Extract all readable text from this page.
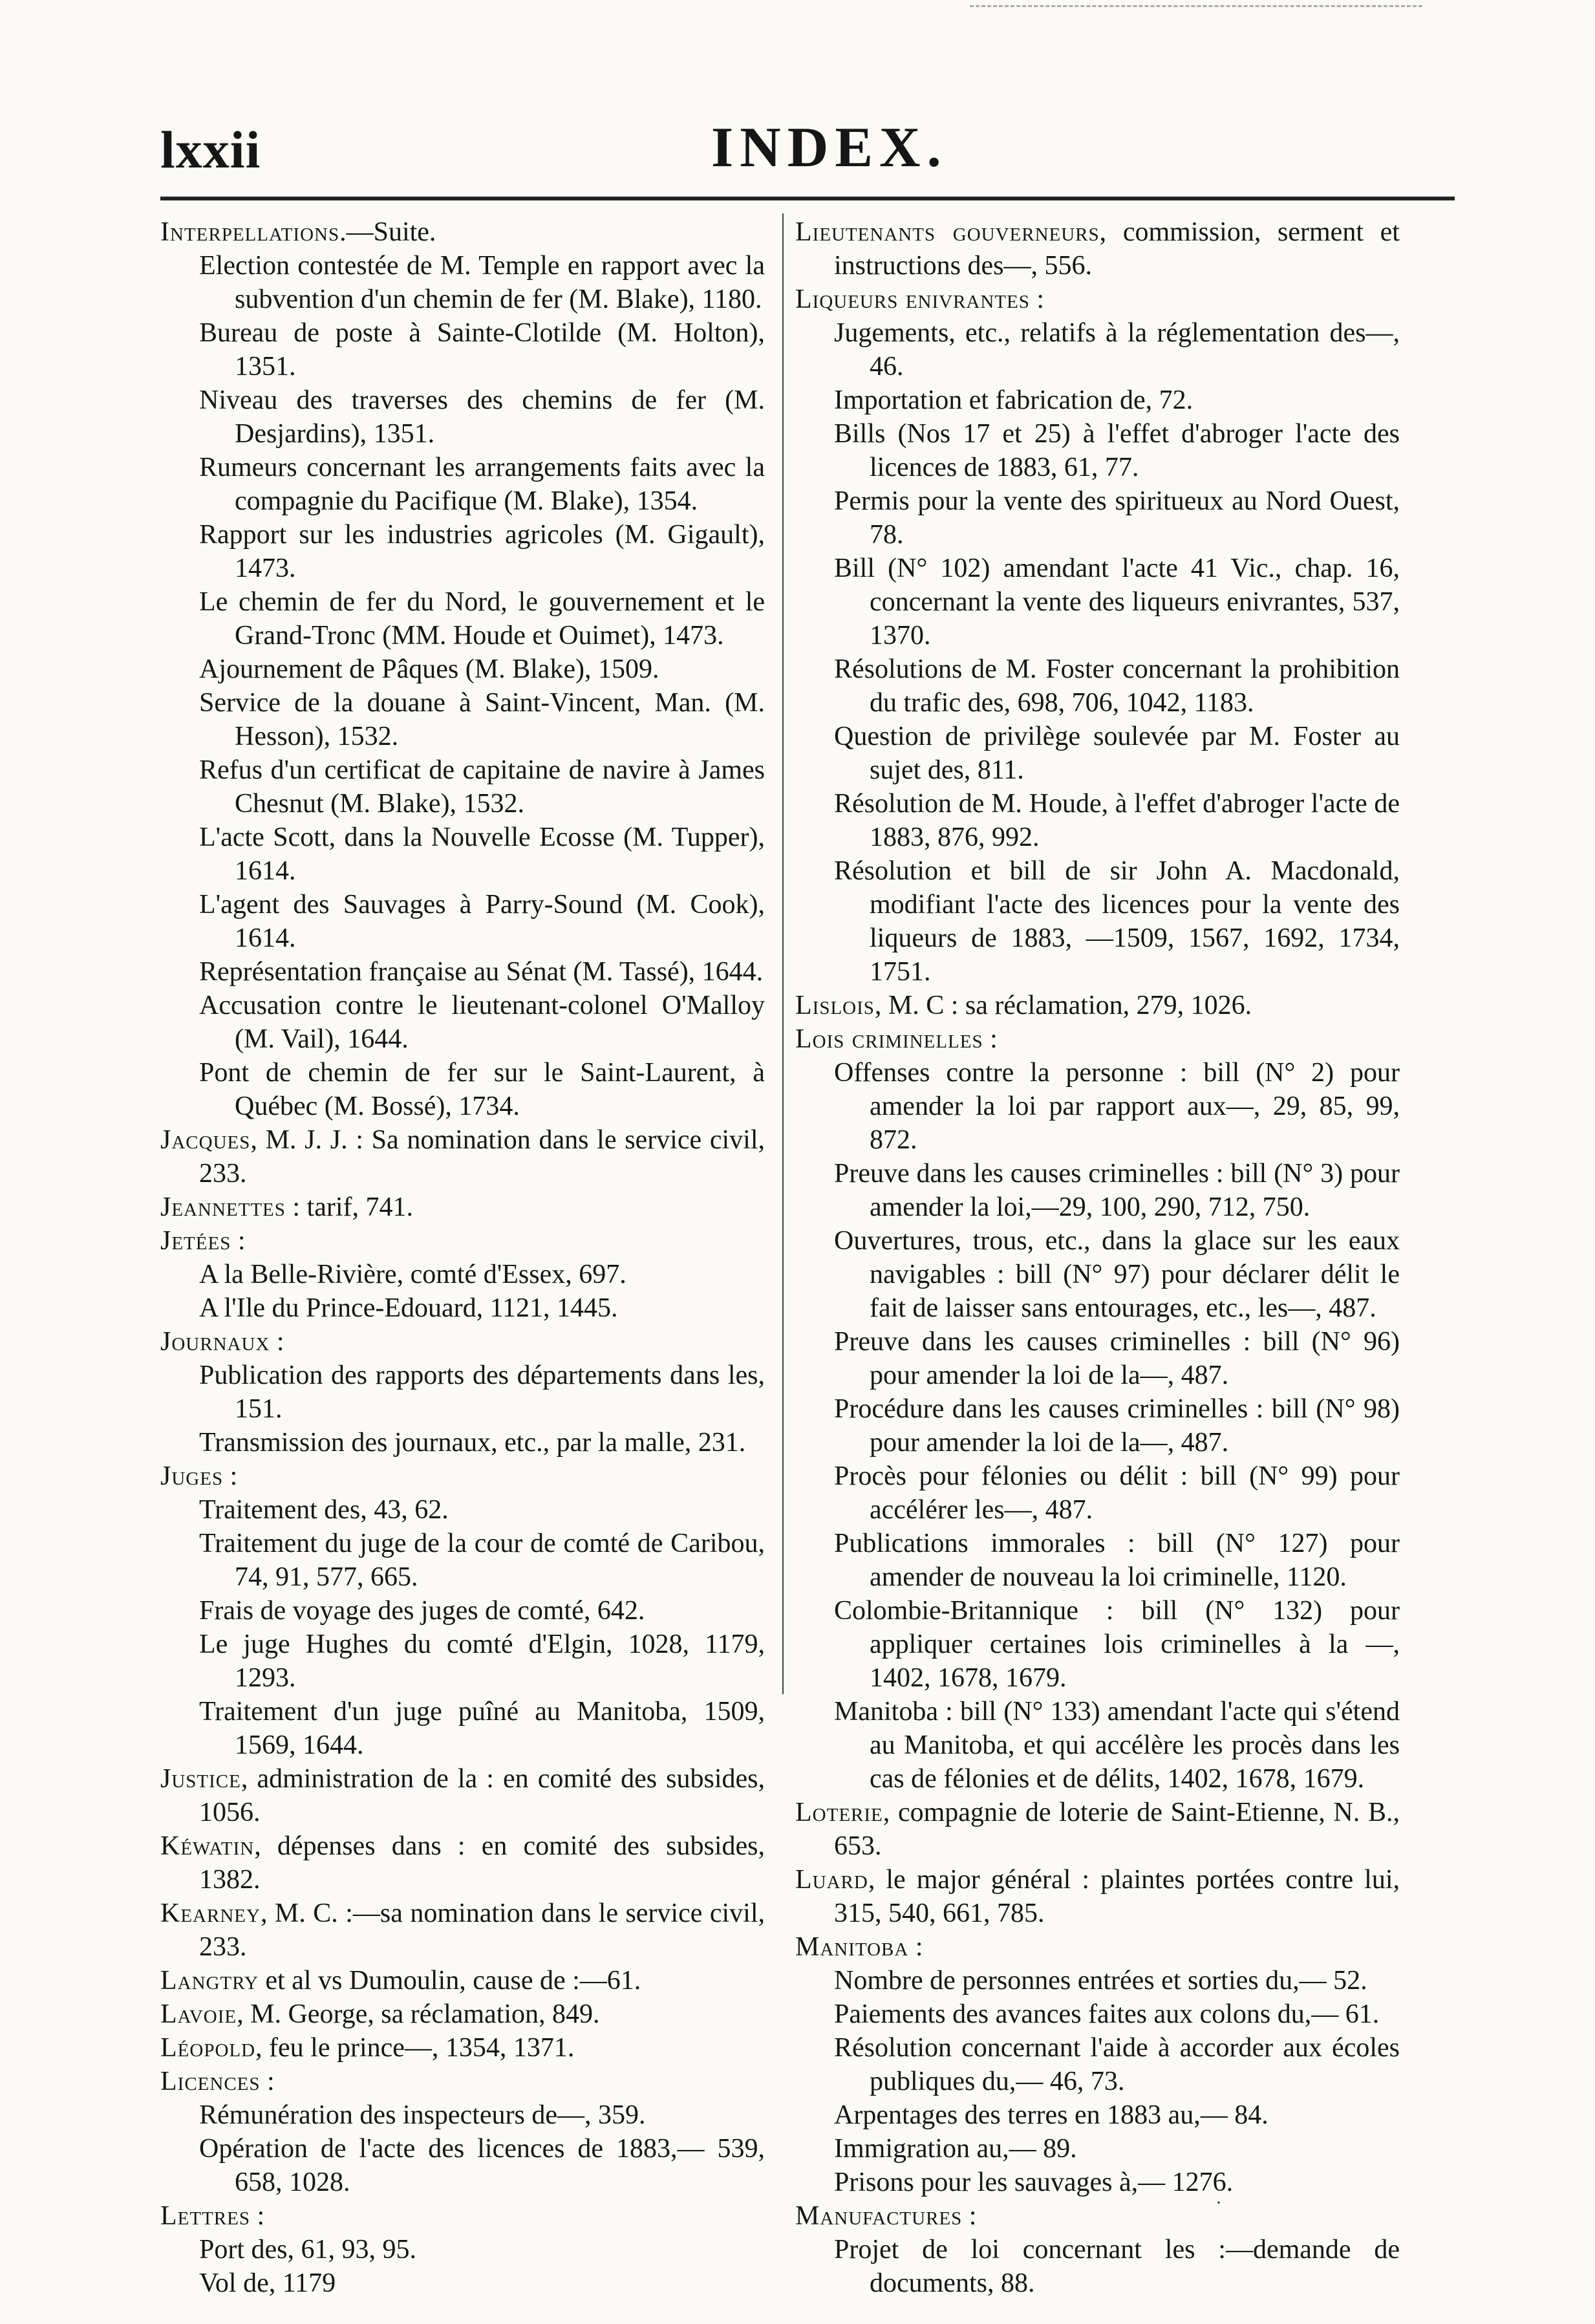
lxxii	INDEX.

Interpellations.—Suite.

Election contestée de M. Temple en rapport avec la subvention d'un chemin de fer (M. Blake), 1180.

Bureau de poste à Sainte-Clotilde (M. Holton), 1351.

Niveau des traverses des chemins de fer (M. Desjardins), 1351.

Rumeurs concernant les arrangements faits avec la compagnie du Pacifique (M. Blake), 1354.

Rapport sur les industries agricoles (M. Gigault), 1473.

Le chemin de fer du Nord, le gouvernement et le Grand-Tronc (MM. Houde et Ouimet), 1473.

Ajournement de Pâques (M. Blake), 1509.

Service de la douane à Saint-Vincent, Man. (M. Hesson), 1532.

Refus d'un certificat de capitaine de navire à James Chesnut (M. Blake), 1532.

L'acte Scott, dans la Nouvelle Ecosse (M. Tupper), 1614.

L'agent des Sauvages à Parry-Sound (M. Cook), 1614.

Représentation française au Sénat (M. Tassé), 1644.

Accusation contre le lieutenant-colonel O'Malloy (M. Vail), 1644.

Pont de chemin de fer sur le Saint-Laurent, à Québec (M. Bossé), 1734.

Jacques, M. J. J. : Sa nomination dans le service civil, 233.

Jeannettes : tarif, 741.

Jetées :

A la Belle-Rivière, comté d'Essex, 697.

A l'Ile du Prince-Edouard, 1121, 1445.

Journaux :

Publication des rapports des départements dans les, 151.

Transmission des journaux, etc., par la malle, 231.

Juges :

Traitement des, 43, 62.

Traitement du juge de la cour de comté de Caribou, 74, 91, 577, 665.

Frais de voyage des juges de comté, 642.

Le juge Hughes du comté d'Elgin, 1028, 1179, 1293.

Traitement d'un juge puîné au Manitoba, 1509, 1569, 1644.

Justice, administration de la : en comité des subsides, 1056.

Kéwatin, dépenses dans : en comité des subsides, 1382.

Kearney, M. C. :—sa nomination dans le service civil, 233.

Langtry et al vs Dumoulin, cause de :—61.

Lavoie, M. George, sa réclamation, 849.

Léopold, feu le prince—, 1354, 1371.

Licences :

Rémunération des inspecteurs de—, 359.

Opération de l'acte des licences de 1883,— 539, 658, 1028.

Lettres :

Port des, 61, 93, 95.

Vol de, 1179

Lieutenants gouverneurs, commission, serment et instructions des—, 556.

Liqueurs enivrantes :

Jugements, etc., relatifs à la réglementation des—, 46.

Importation et fabrication de, 72.

Bills (Nos 17 et 25) à l'effet d'abroger l'acte des licences de 1883, 61, 77.

Permis pour la vente des spiritueux au Nord Ouest, 78.

Bill (N° 102) amendant l'acte 41 Vic., chap. 16, concernant la vente des liqueurs enivrantes, 537, 1370.

Résolutions de M. Foster concernant la prohibition du trafic des, 698, 706, 1042, 1183.

Question de privilège soulevée par M. Foster au sujet des, 811.

Résolution de M. Houde, à l'effet d'abroger l'acte de 1883, 876, 992.

Résolution et bill de sir John A. Macdonald, modifiant l'acte des licences pour la vente des liqueurs de 1883, —1509, 1567, 1692, 1734, 1751.

Lislois, M. C : sa réclamation, 279, 1026.

Lois criminelles :

Offenses contre la personne : bill (N° 2) pour amender la loi par rapport aux—, 29, 85, 99, 872.

Preuve dans les causes criminelles : bill (N° 3) pour amender la loi,—29, 100, 290, 712, 750.

Ouvertures, trous, etc., dans la glace sur les eaux navigables : bill (N° 97) pour déclarer délit le fait de laisser sans entourages, etc., les—, 487.

Preuve dans les causes criminelles : bill (N° 96) pour amender la loi de la—, 487.

Procédure dans les causes criminelles : bill (N° 98) pour amender la loi de la—, 487.

Procès pour félonies ou délit : bill (N° 99) pour accélérer les—, 487.

Publications immorales : bill (N° 127) pour amender de nouveau la loi criminelle, 1120.

Colombie-Britannique : bill (N° 132) pour appliquer certaines lois criminelles à la —, 1402, 1678, 1679.

Manitoba : bill (N° 133) amendant l'acte qui s'étend au Manitoba, et qui accélère les procès dans les cas de félonies et de délits, 1402, 1678, 1679.

Loterie, compagnie de loterie de Saint-Etienne, N. B., 653.

Luard, le major général : plaintes portées contre lui, 315, 540, 661, 785.

Manitoba :

Nombre de personnes entrées et sorties du,— 52.

Paiements des avances faites aux colons du,— 61.

Résolution concernant l'aide à accorder aux écoles publiques du,— 46, 73.

Arpentages des terres en 1883 au,— 84.

Immigration au,— 89.

Prisons pour les sauvages à,— 1276.

Manufactures :

Projet de loi concernant les :—demande de documents, 88.

·
